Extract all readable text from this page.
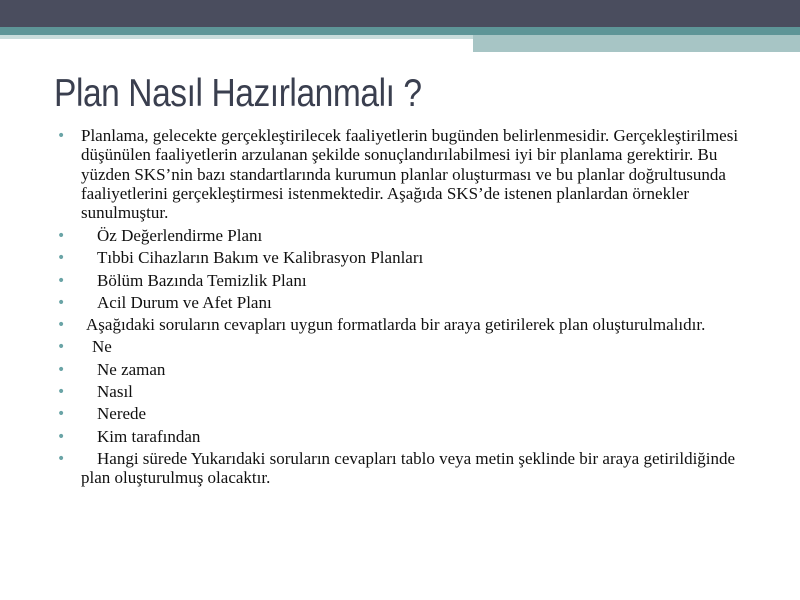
Plan Nasıl Hazırlanmalı ?
• Planlama, gelecekte gerçekleştirilecek faaliyetlerin bugünden belirlenmesidir. Gerçekleştirilmesi düşünülen faaliyetlerin arzulanan şekilde sonuçlandırılabilmesi iyi bir planlama gerektirir. Bu yüzden SKS’nin bazı standartlarında kurumun planlar oluşturması ve bu planlar doğrultusunda faaliyetlerini gerçekleştirmesi istenmektedir. Aşağıda SKS’de istenen planlardan örnekler sunulmuştur.
• Öz Değerlendirme Planı
• Tıbbi Cihazların Bakım ve Kalibrasyon Planları
• Bölüm Bazında Temizlik Planı
• Acil Durum ve Afet Planı
• Aşağıdaki soruların cevapları uygun formatlarda bir araya getirilerek plan oluşturulmalıdır.
• Ne
• Ne zaman
• Nasıl
• Nerede
• Kim tarafından
• Hangi sürede Yukarıdaki soruların cevapları tablo veya metin şeklinde bir araya getirildiğinde plan oluşturulmuş olacaktır.
